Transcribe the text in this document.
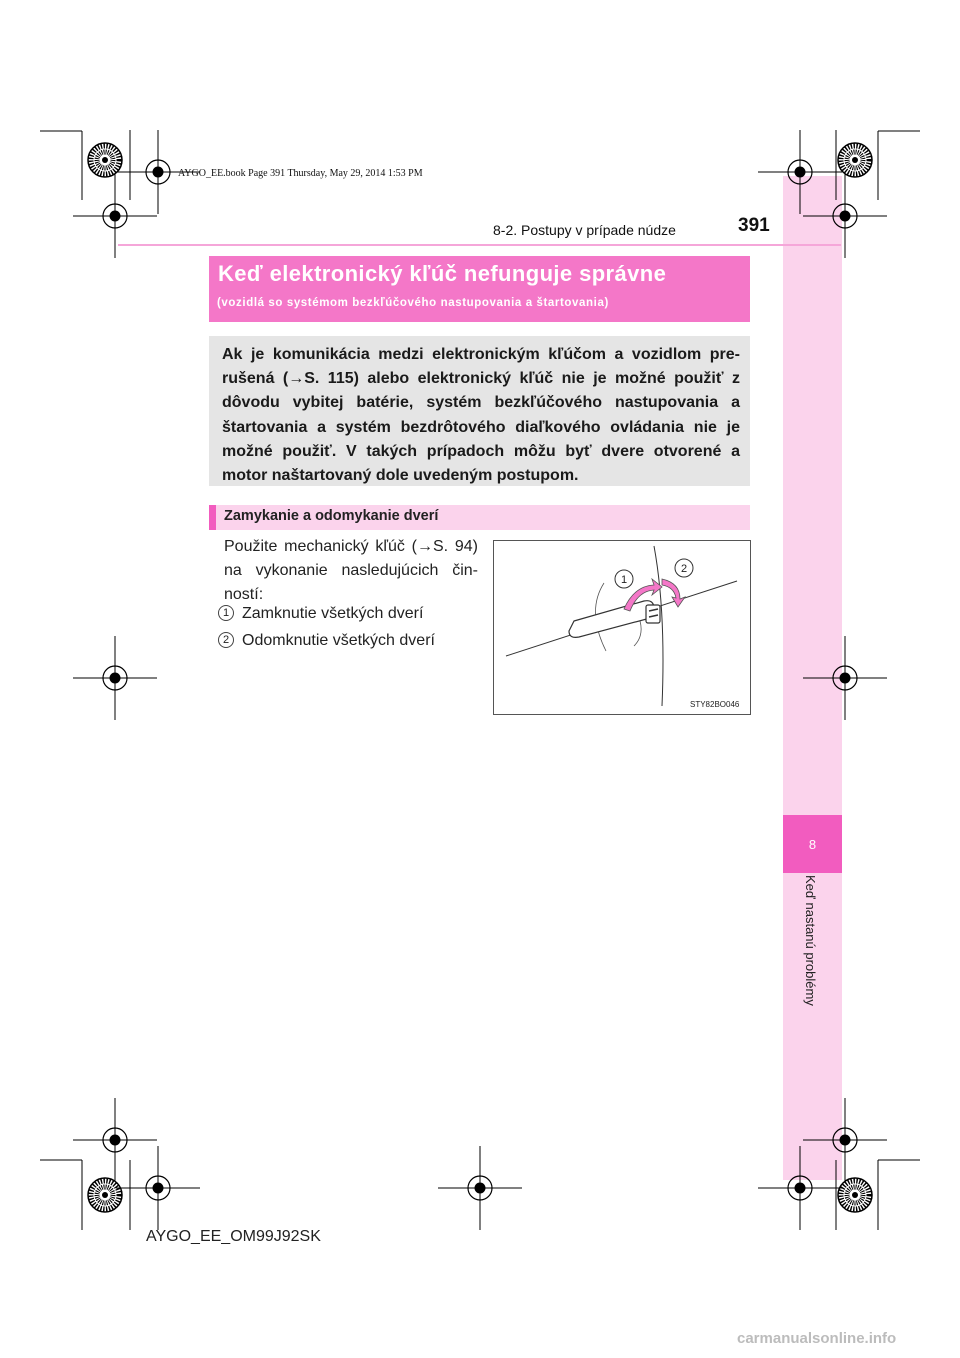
8
Keď nastanú problémy
AYGO_EE.book Page 391 Thursday, May 29, 2014 1:53 PM
8-2. Postupy v prípade núdze	391
Keď elektronický kľúč nefunguje správne
(vozidlá so systémom bezkľúčového nastupovania a štartovania)
Ak je komunikácia medzi elektronickým kľúčom a vozidlom pre-rušená (→S. 115) alebo elektronický kľúč nie je možné použiť z dôvodu vybitej batérie, systém bezkľúčového nastupovania a štartovania a systém bezdrôtového diaľkového ovládania nie je možné použiť. V takých prípadoch môžu byť dvere otvorené a motor naštartovaný dole uvedeným postupom.
Zamykanie a odomykanie dverí
Použite mechanický kľúč (→S. 94) na vykonanie nasledujúcich čin-ností:
1 Zamknutie všetkých dverí
2 Odomknutie všetkých dverí
1
2
STY82BO046
AYGO_EE_OM99J92SK
carmanualsonline.info
